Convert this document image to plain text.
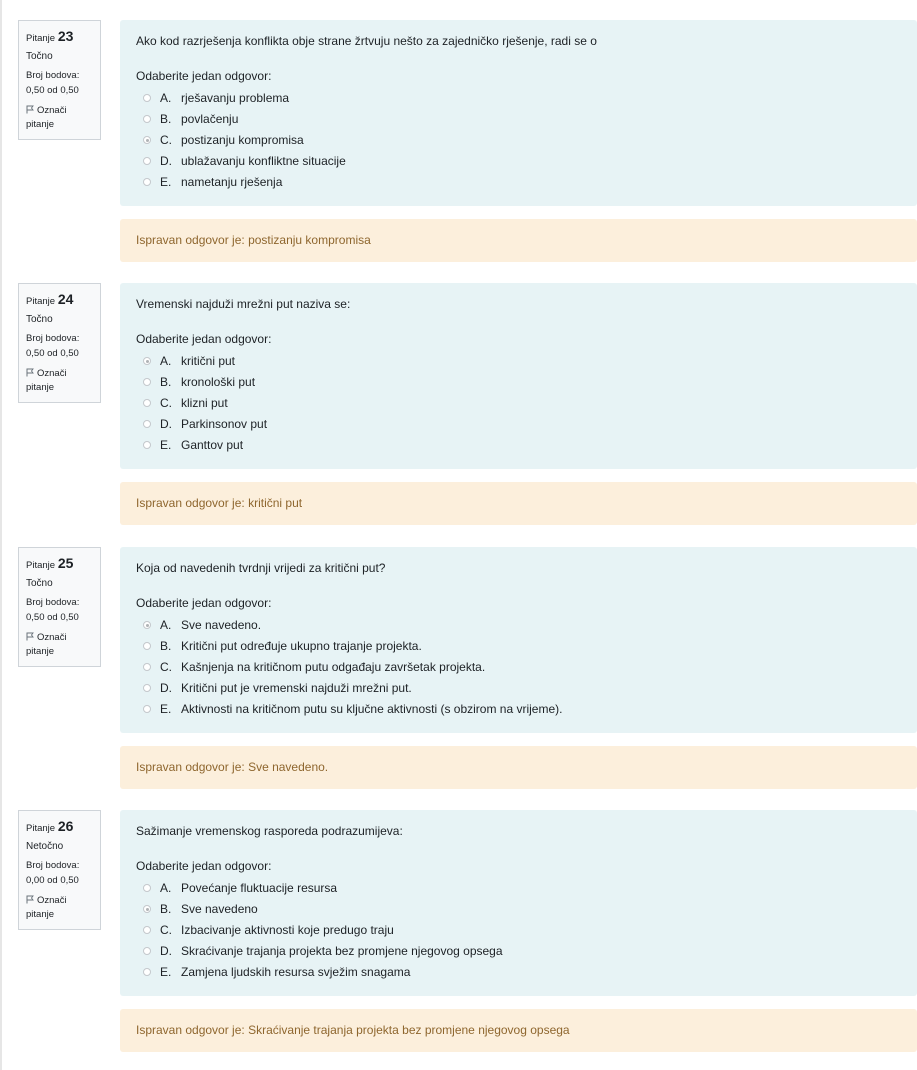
Pitanje 23
Točno
Broj bodova:
0,50 od 0,50
Označi
pitanje
Ako kod razrješenja konflikta obje strane žrtvuju nešto za zajedničko rješenje, radi se o
Odaberite jedan odgovor:
A. rješavanju problema
B. povlačenju
C. postizanju kompromisa
D. ublažavanju konfliktne situacije
E. nametanju rješenja
Ispravan odgovor je: postizanju kompromisa
Pitanje 24
Točno
Broj bodova:
0,50 od 0,50
Označi
pitanje
Vremenski najduži mrežni put naziva se:
Odaberite jedan odgovor:
A. kritični put
B. kronološki put
C. klizni put
D. Parkinsonov put
E. Ganttov put
Ispravan odgovor je: kritični put
Pitanje 25
Točno
Broj bodova:
0,50 od 0,50
Označi
pitanje
Koja od navedenih tvrdnji vrijedi za kritični put?
Odaberite jedan odgovor:
A. Sve navedeno.
B. Kritični put određuje ukupno trajanje projekta.
C. Kašnjenja na kritičnom putu odgađaju završetak projekta.
D. Kritični put je vremenski najduži mrežni put.
E. Aktivnosti na kritičnom putu su ključne aktivnosti (s obzirom na vrijeme).
Ispravan odgovor je: Sve navedeno.
Pitanje 26
Netočno
Broj bodova:
0,00 od 0,50
Označi
pitanje
Sažimanje vremenskog rasporeda podrazumijeva:
Odaberite jedan odgovor:
A. Povećanje fluktuacije resursa
B. Sve navedeno
C. Izbacivanje aktivnosti koje predugo traju
D. Skraćivanje trajanja projekta bez promjene njegovog opsega
E. Zamjena ljudskih resursa svježim snagama
Ispravan odgovor je: Skraćivanje trajanja projekta bez promjene njegovog opsega
